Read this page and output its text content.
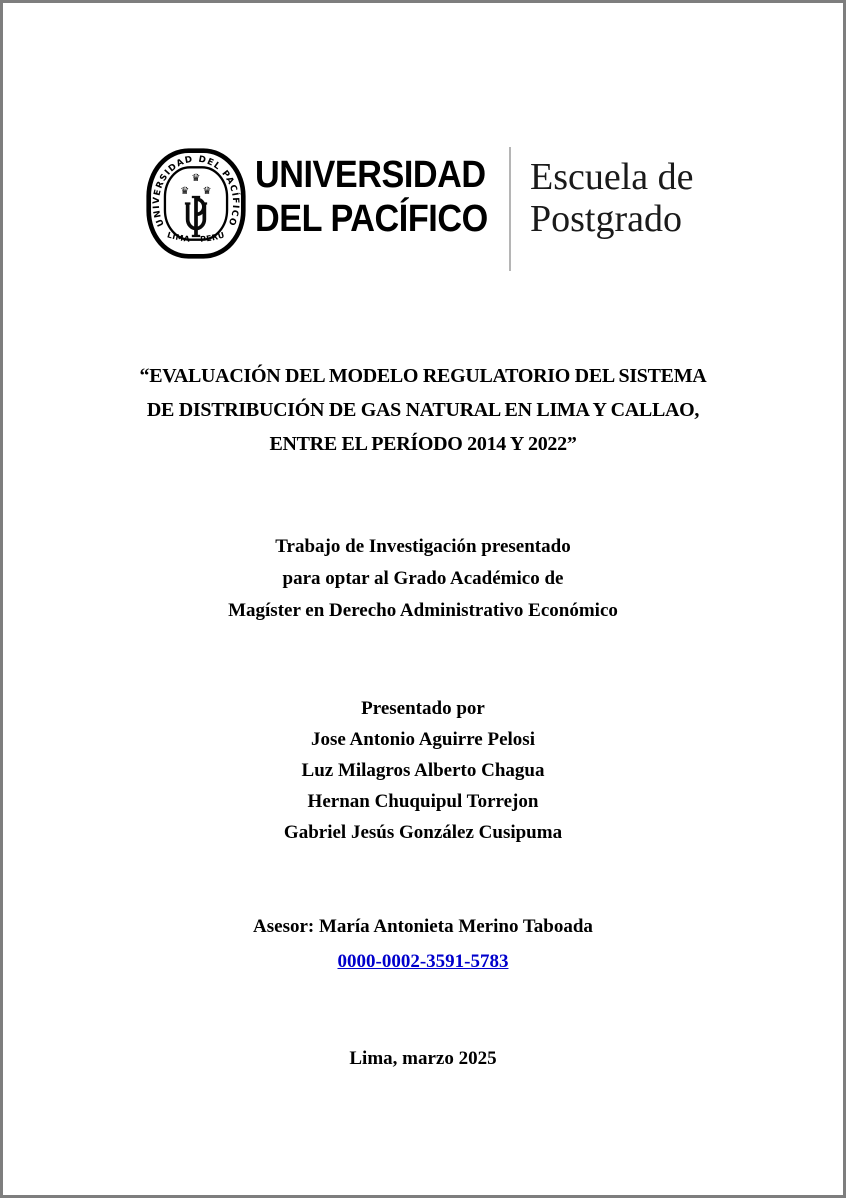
UNIVERSIDAD DEL PACÍFICO
LIMA PERÚ
♛
♛ ♛ UNIVERSIDAD
DEL PACÍFICO
Escuela de
Postgrado
“EVALUACIÓN DEL MODELO REGULATORIO DEL SISTEMA
DE DISTRIBUCIÓN DE GAS NATURAL EN LIMA Y CALLAO,
ENTRE EL PERÍODO 2014 Y 2022”
Trabajo de Investigación presentado
para optar al Grado Académico de
Magíster en Derecho Administrativo Económico
Presentado por
Jose Antonio Aguirre Pelosi
Luz Milagros Alberto Chagua
Hernan Chuquipul Torrejon
Gabriel Jesús González Cusipuma
Asesor: María Antonieta Merino Taboada
0000-0002-3591-5783
Lima, marzo 2025
